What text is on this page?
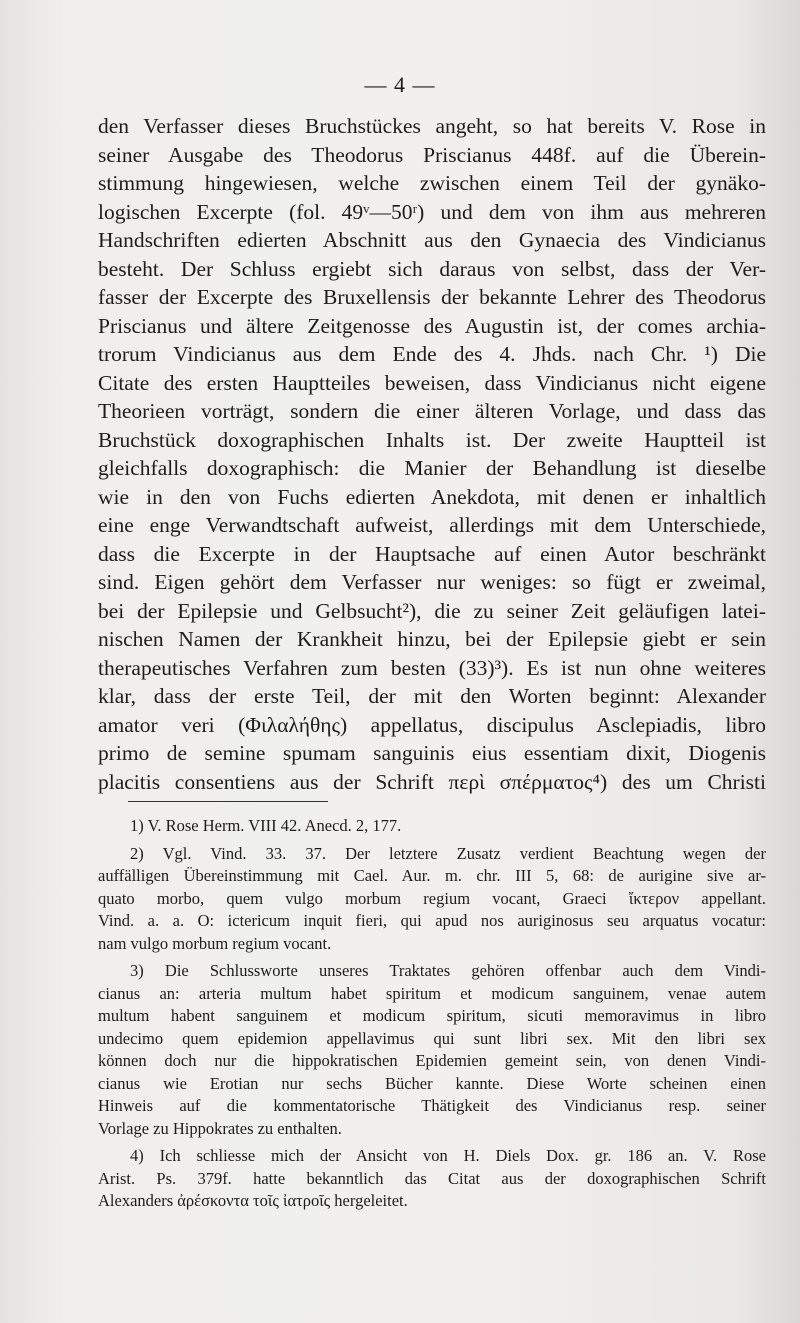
— 4 —
den Verfasser dieses Bruchstückes angeht, so hat bereits V. Rose in
seiner Ausgabe des Theodorus Priscianus 448f. auf die Überein-
stimmung hingewiesen, welche zwischen einem Teil der gynäko-
logischen Excerpte (fol. 49ᵛ—50ʳ) und dem von ihm aus mehreren
Handschriften edierten Abschnitt aus den Gynaecia des Vindicianus
besteht. Der Schluss ergiebt sich daraus von selbst, dass der Ver-
fasser der Excerpte des Bruxellensis der bekannte Lehrer des Theodorus
Priscianus und ältere Zeitgenosse des Augustin ist, der comes archia-
trorum Vindicianus aus dem Ende des 4. Jhds. nach Chr. ¹) Die
Citate des ersten Hauptteiles beweisen, dass Vindicianus nicht eigene
Theorieen vorträgt, sondern die einer älteren Vorlage, und dass das
Bruchstück doxographischen Inhalts ist. Der zweite Hauptteil ist
gleichfalls doxographisch: die Manier der Behandlung ist dieselbe
wie in den von Fuchs edierten Anekdota, mit denen er inhaltlich
eine enge Verwandtschaft aufweist, allerdings mit dem Unterschiede,
dass die Excerpte in der Hauptsache auf einen Autor beschränkt
sind. Eigen gehört dem Verfasser nur weniges: so fügt er zweimal,
bei der Epilepsie und Gelbsucht²), die zu seiner Zeit geläufigen latei-
nischen Namen der Krankheit hinzu, bei der Epilepsie giebt er sein
therapeutisches Verfahren zum besten (33)³). Es ist nun ohne weiteres
klar, dass der erste Teil, der mit den Worten beginnt: Alexander
amator veri (Φιλαλήθης) appellatus, discipulus Asclepiadis, libro
primo de semine spumam sanguinis eius essentiam dixit, Diogenis
placitis consentiens aus der Schrift περὶ σπέρματος⁴) des um Christi
1) V. Rose Herm. VIII 42. Anecd. 2, 177.
2) Vgl. Vind. 33. 37. Der letztere Zusatz verdient Beachtung wegen der
auffälligen Übereinstimmung mit Cael. Aur. m. chr. III 5, 68: de aurigine sive ar-
quato morbo, quem vulgo morbum regium vocant, Graeci ἴκτερον appellant.
Vind. a. a. O: ictericum inquit fieri, qui apud nos auriginosus seu arquatus vocatur:
nam vulgo morbum regium vocant.
3) Die Schlussworte unseres Traktates gehören offenbar auch dem Vindi-
cianus an: arteria multum habet spiritum et modicum sanguinem, venae autem
multum habent sanguinem et modicum spiritum, sicuti memoravimus in libro
undecimo quem epidemion appellavimus qui sunt libri sex. Mit den libri sex
können doch nur die hippokratischen Epidemien gemeint sein, von denen Vindi-
cianus wie Erotian nur sechs Bücher kannte. Diese Worte scheinen einen
Hinweis auf die kommentatorische Thätigkeit des Vindicianus resp. seiner
Vorlage zu Hippokrates zu enthalten.
4) Ich schliesse mich der Ansicht von H. Diels Dox. gr. 186 an. V. Rose
Arist. Ps. 379f. hatte bekanntlich das Citat aus der doxographischen Schrift
Alexanders ἀρέσκοντα τοῖς ἰατροῖς hergeleitet.
